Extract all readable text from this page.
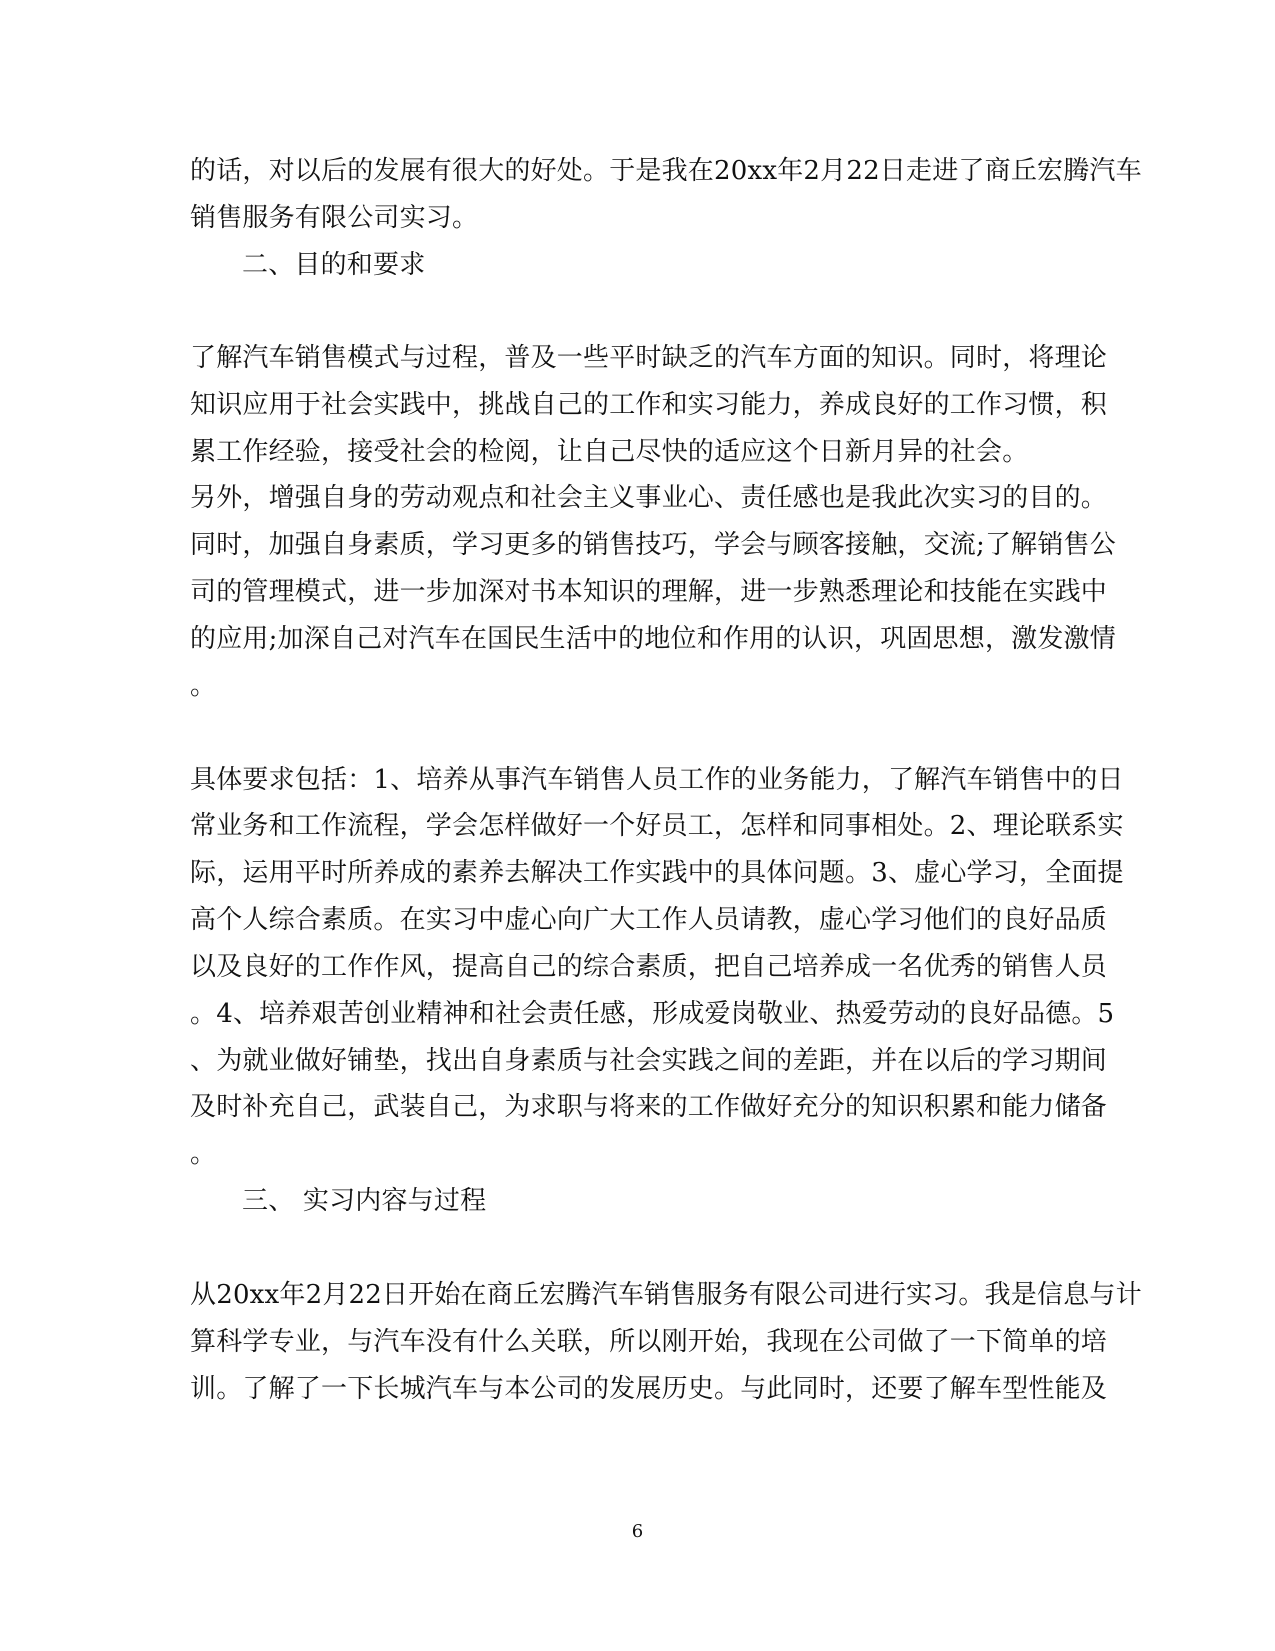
的话，对以后的发展有很大的好处。于是我在20xx年2月22日走进了商丘宏腾汽车
销售服务有限公司实习。
二、目的和要求
了解汽车销售模式与过程，普及一些平时缺乏的汽车方面的知识。同时，将理论
知识应用于社会实践中，挑战自己的工作和实习能力，养成良好的工作习惯，积
累工作经验，接受社会的检阅，让自己尽快的适应这个日新月异的社会。
另外，增强自身的劳动观点和社会主义事业心、责任感也是我此次实习的目的。
同时，加强自身素质，学习更多的销售技巧，学会与顾客接触，交流;了解销售公
司的管理模式，进一步加深对书本知识的理解，进一步熟悉理论和技能在实践中
的应用;加深自己对汽车在国民生活中的地位和作用的认识，巩固思想，激发激情
。
具体要求包括：1、培养从事汽车销售人员工作的业务能力，了解汽车销售中的日
常业务和工作流程，学会怎样做好一个好员工，怎样和同事相处。2、理论联系实
际，运用平时所养成的素养去解决工作实践中的具体问题。3、虚心学习，全面提
高个人综合素质。在实习中虚心向广大工作人员请教，虚心学习他们的良好品质
以及良好的工作作风，提高自己的综合素质，把自己培养成一名优秀的销售人员
。4、培养艰苦创业精神和社会责任感，形成爱岗敬业、热爱劳动的良好品德。5
、为就业做好铺垫，找出自身素质与社会实践之间的差距，并在以后的学习期间
及时补充自己，武装自己，为求职与将来的工作做好充分的知识积累和能力储备
。
三、 实习内容与过程
从20xx年2月22日开始在商丘宏腾汽车销售服务有限公司进行实习。我是信息与计
算科学专业，与汽车没有什么关联，所以刚开始，我现在公司做了一下简单的培
训。了解了一下长城汽车与本公司的发展历史。与此同时，还要了解车型性能及
6
